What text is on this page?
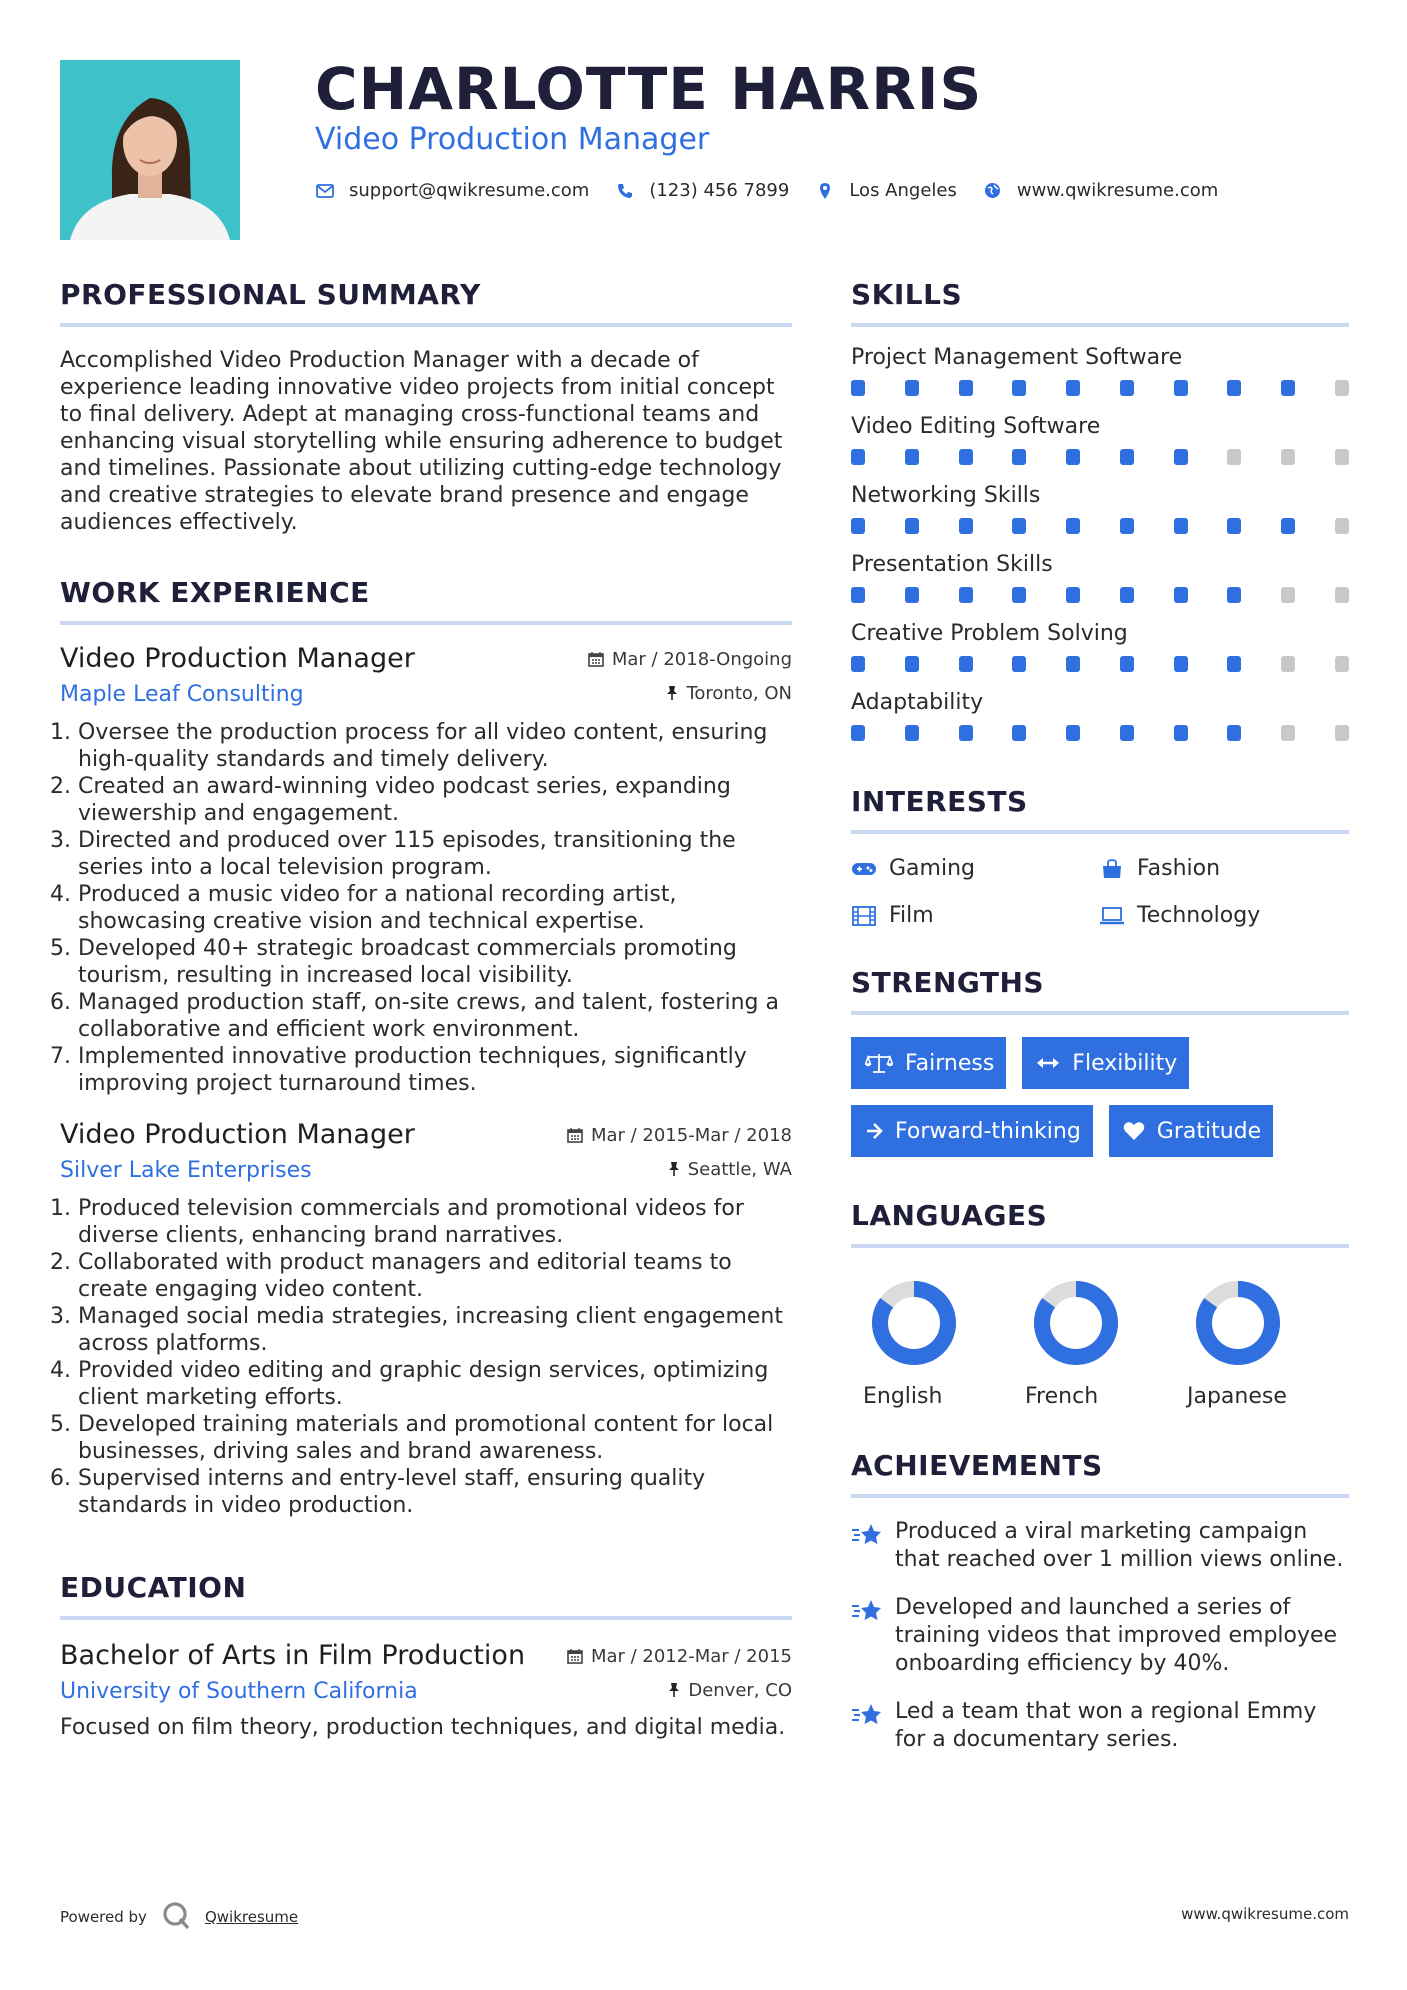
CHARLOTTE HARRIS
Video Production Manager
support@qwikresume.com	(123) 456 7899	Los Angeles	www.qwikresume.com
PROFESSIONAL SUMMARY

Accomplished Video Production Manager with a decade of experience leading innovative video projects from initial concept to final delivery. Adept at managing cross-functional teams and enhancing visual storytelling while ensuring adherence to budget and timelines. Passionate about utilizing cutting-edge technology and creative strategies to elevate brand presence and engage audiences effectively.

WORK EXPERIENCE
Video Production Manager	Mar / 2018-Ongoing
Maple Leaf Consulting	Toronto, ON
1. Oversee the production process for all video content, ensuring high-quality standards and timely delivery.
2. Created an award-winning video podcast series, expanding viewership and engagement.
3. Directed and produced over 115 episodes, transitioning the series into a local television program.
4. Produced a music video for a national recording artist, showcasing creative vision and technical expertise.
5. Developed 40+ strategic broadcast commercials promoting tourism, resulting in increased local visibility.
6. Managed production staff, on-site crews, and talent, fostering a collaborative and efficient work environment.
7. Implemented innovative production techniques, significantly improving project turnaround times.
Video Production Manager	Mar / 2015-Mar / 2018
Silver Lake Enterprises	Seattle, WA
1. Produced television commercials and promotional videos for diverse clients, enhancing brand narratives.
2. Collaborated with product managers and editorial teams to create engaging video content.
3. Managed social media strategies, increasing client engagement across platforms.
4. Provided video editing and graphic design services, optimizing client marketing efforts.
5. Developed training materials and promotional content for local businesses, driving sales and brand awareness.
6. Supervised interns and entry-level staff, ensuring quality standards in video production.
EDUCATION
Bachelor of Arts in Film Production	Mar / 2012-Mar / 2015
University of Southern California	Denver, CO

Focused on film theory, production techniques, and digital media.

SKILLS
Project Management Software
Video Editing Software
Networking Skills
Presentation Skills
Creative Problem Solving
Adaptability
INTERESTS
Gaming	Fashion
Film	Technology
STRENGTHS
Fairness	Flexibility
Forward-thinking	Gratitude
LANGUAGES
English	French	Japanese
ACHIEVEMENTS
Produced a viral marketing campaign that reached over 1 million views online.
Developed and launched a series of training videos that improved employee onboarding efficiency by 40%.
Led a team that won a regional Emmy for a documentary series.
Powered by	Qwikresume	www.qwikresume.com
